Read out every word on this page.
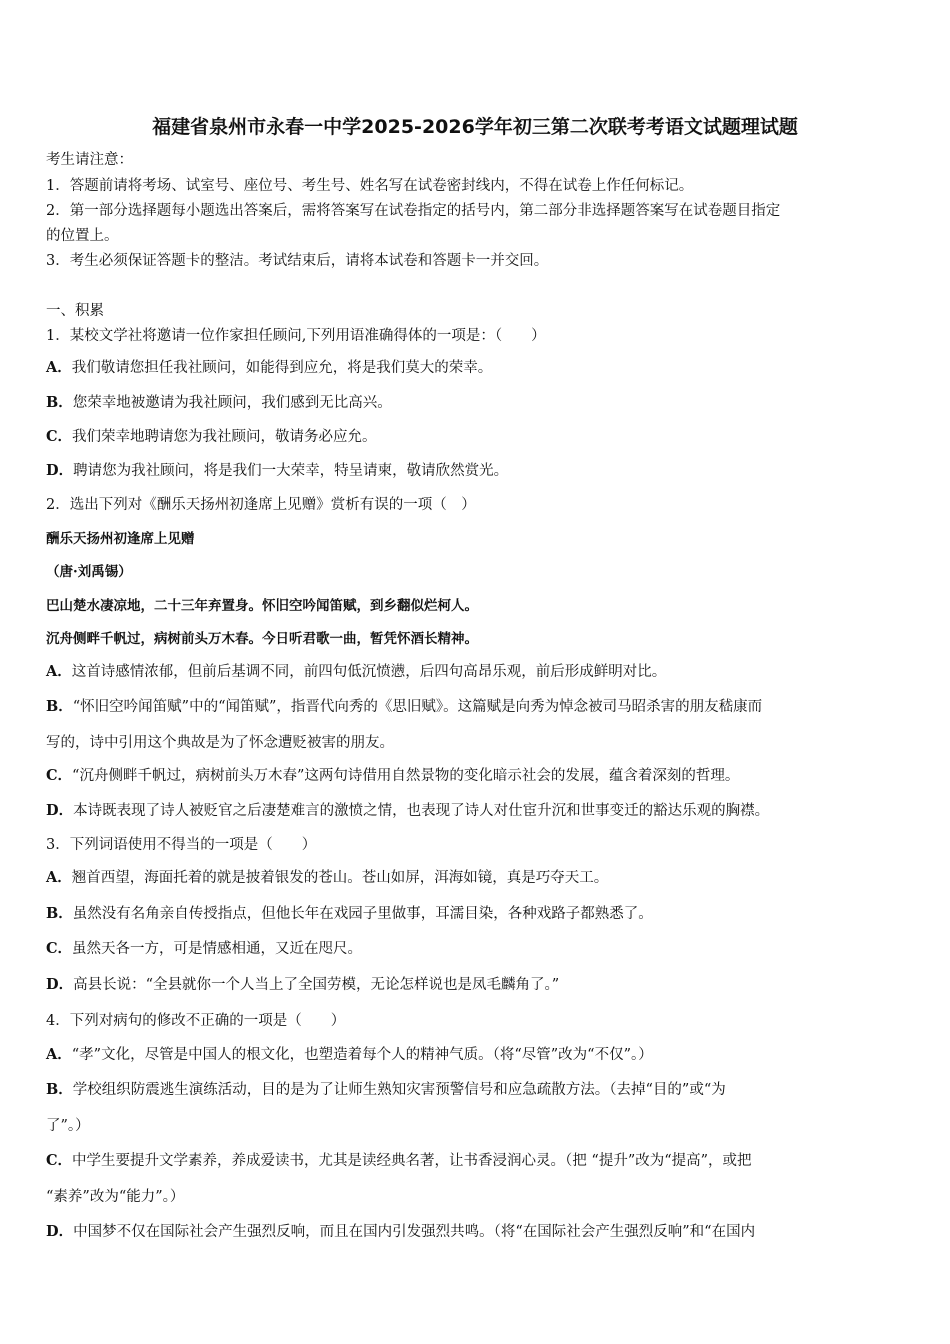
福建省泉州市永春一中学2025-2026学年初三第二次联考考语文试题理试题
考生请注意：
1．答题前请将考场、试室号、座位号、考生号、姓名写在试卷密封线内，不得在试卷上作任何标记。
2．第一部分选择题每小题选出答案后，需将答案写在试卷指定的括号内，第二部分非选择题答案写在试卷题目指定
的位置上。
3．考生必须保证答题卡的整洁。考试结束后，请将本试卷和答题卡一并交回。
一、积累
1．某校文学社将邀请一位作家担任顾问,下列用语准确得体的一项是：（　　）
A．我们敬请您担任我社顾问，如能得到应允，将是我们莫大的荣幸。
B．您荣幸地被邀请为我社顾问，我们感到无比高兴。
C．我们荣幸地聘请您为我社顾问，敬请务必应允。
D．聘请您为我社顾问，将是我们一大荣幸，特呈请柬，敬请欣然赏光。
2．选出下列对《酬乐天扬州初逢席上见赠》赏析有误的一项（　）
酬乐天扬州初逢席上见赠
（唐·刘禹锡）
巴山楚水凄凉地，二十三年弃置身。怀旧空吟闻笛赋，到乡翻似烂柯人。
沉舟侧畔千帆过，病树前头万木春。今日听君歌一曲，暂凭怀酒长精神。
A．这首诗感情浓郁，但前后基调不同，前四句低沉愤懑，后四句高昂乐观，前后形成鲜明对比。
B．“怀旧空吟闻笛赋”中的“闻笛赋”，指晋代向秀的《思旧赋》。这篇赋是向秀为悼念被司马昭杀害的朋友嵇康而
写的，诗中引用这个典故是为了怀念遭贬被害的朋友。
C．“沉舟侧畔千帆过，病树前头万木春”这两句诗借用自然景物的变化暗示社会的发展，蕴含着深刻的哲理。
D．本诗既表现了诗人被贬官之后凄楚难言的激愤之情，也表现了诗人对仕宦升沉和世事变迁的豁达乐观的胸襟。
3．下列词语使用不得当的一项是（　　）
A．翘首西望，海面托着的就是披着银发的苍山。苍山如屏，洱海如镜，真是巧夺天工。
B．虽然没有名角亲自传授指点，但他长年在戏园子里做事，耳濡目染，各种戏路子都熟悉了。
C．虽然天各一方，可是情感相通，又近在咫尺。
D．高县长说：“全县就你一个人当上了全国劳模，无论怎样说也是凤毛麟角了。”
4．下列对病句的修改不正确的一项是（　　）
A．“孝”文化，尽管是中国人的根文化，也塑造着每个人的精神气质。（将“尽管”改为“不仅”。）
B．学校组织防震逃生演练活动，目的是为了让师生熟知灾害预警信号和应急疏散方法。（去掉“目的”或“为
了”。）
C．中学生要提升文学素养，养成爱读书，尤其是读经典名著，让书香浸润心灵。（把 “提升”改为“提高”，或把
“素养”改为“能力”。）
D．中国梦不仅在国际社会产生强烈反响，而且在国内引发强烈共鸣。（将“在国际社会产生强烈反响”和“在国内
